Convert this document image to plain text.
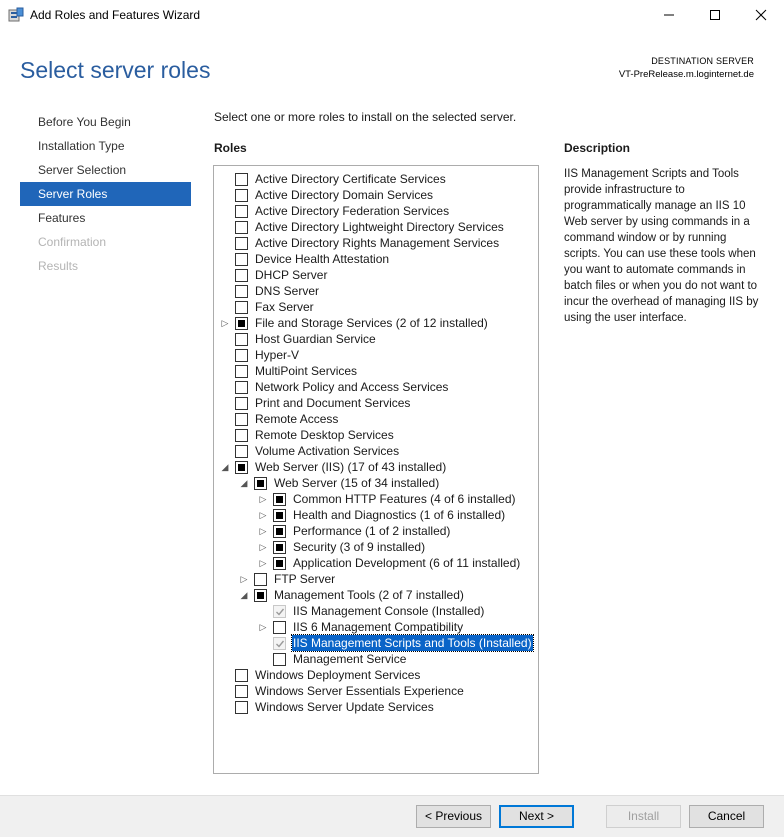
Add Roles and Features Wizard
Select server roles	DESTINATION SERVER
VT-PreRelease.m.loginternet.de
Before You Begin
Installation Type
Server Selection
Server Roles
Features
Confirmation
Results
Select one or more roles to install on the selected server.
Roles	Description
IIS Management Scripts and Tools provide infrastructure to programmatically manage an IIS 10 Web server by using commands in a command window or by running scripts. You can use these tools when you want to automate commands in batch files or when you do not want to incur the overhead of managing IIS by using the user interface.
Active Directory Certificate Services
Active Directory Domain Services
Active Directory Federation Services
Active Directory Lightweight Directory Services
Active Directory Rights Management Services
Device Health Attestation
DHCP Server
DNS Server
Fax Server
▷ File and Storage Services (2 of 12 installed)
Host Guardian Service
Hyper-V
MultiPoint Services
Network Policy and Access Services
Print and Document Services
Remote Access
Remote Desktop Services
Volume Activation Services
◢ Web Server (IIS) (17 of 43 installed)
◢ Web Server (15 of 34 installed)
▷ Common HTTP Features (4 of 6 installed)
▷ Health and Diagnostics (1 of 6 installed)
▷ Performance (1 of 2 installed)
▷ Security (3 of 9 installed)
▷ Application Development (6 of 11 installed)
▷ FTP Server
◢ Management Tools (2 of 7 installed)
IIS Management Console (Installed)
▷ IIS 6 Management Compatibility
IIS Management Scripts and Tools (Installed)
Management Service
Windows Deployment Services
Windows Server Essentials Experience
Windows Server Update Services
< Previous	Next >	Install	Cancel
